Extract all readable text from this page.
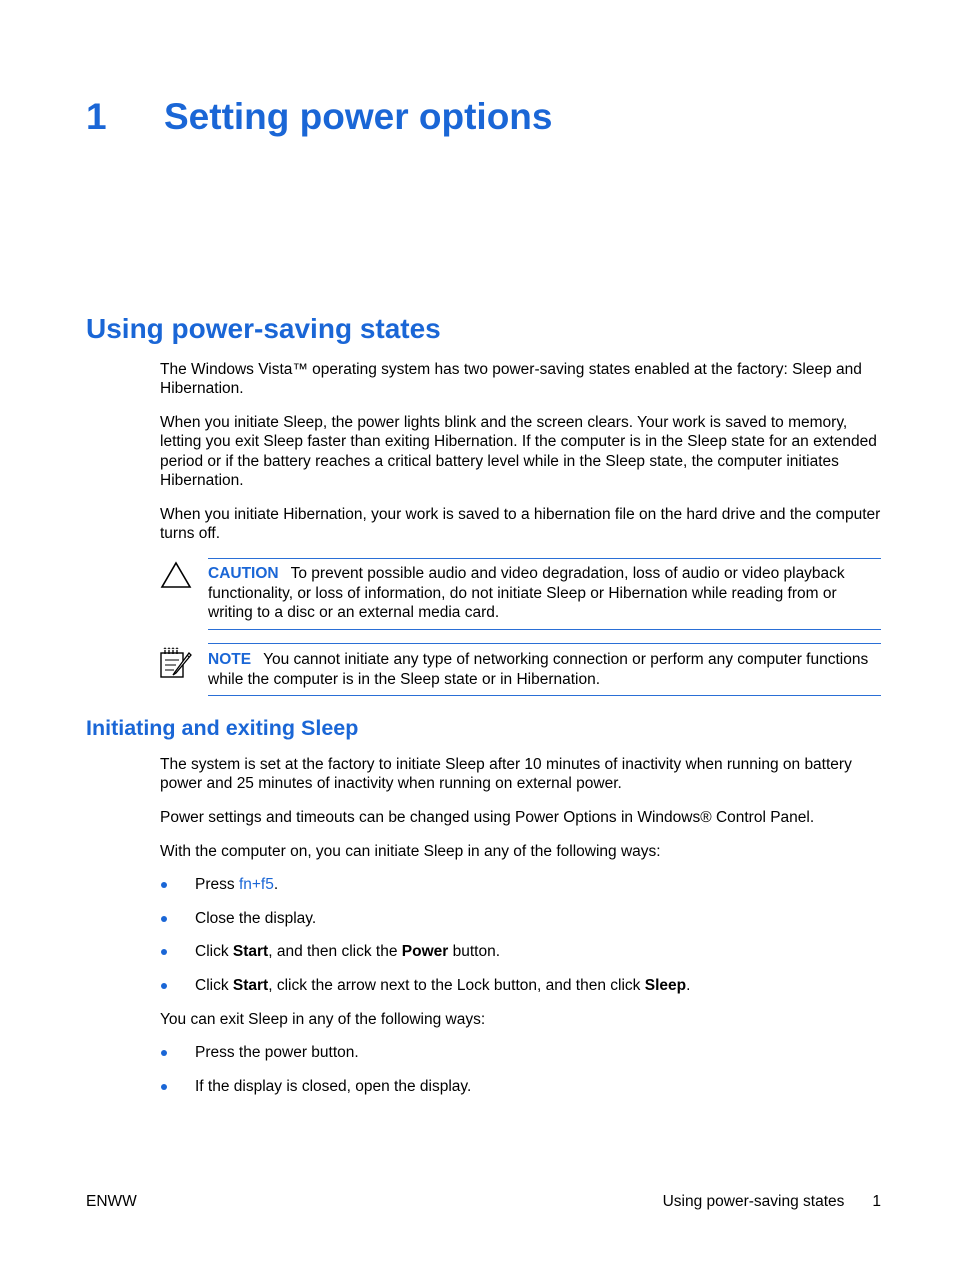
1	Setting power options
Using power-saving states
The Windows Vista™ operating system has two power-saving states enabled at the factory: Sleep and Hibernation.
When you initiate Sleep, the power lights blink and the screen clears. Your work is saved to memory, letting you exit Sleep faster than exiting Hibernation. If the computer is in the Sleep state for an extended period or if the battery reaches a critical battery level while in the Sleep state, the computer initiates Hibernation.
When you initiate Hibernation, your work is saved to a hibernation file on the hard drive and the computer turns off.
CAUTION To prevent possible audio and video degradation, loss of audio or video playback functionality, or loss of information, do not initiate Sleep or Hibernation while reading from or writing to a disc or an external media card.
NOTE You cannot initiate any type of networking connection or perform any computer functions while the computer is in the Sleep state or in Hibernation.
Initiating and exiting Sleep
The system is set at the factory to initiate Sleep after 10 minutes of inactivity when running on battery power and 25 minutes of inactivity when running on external power.
Power settings and timeouts can be changed using Power Options in Windows® Control Panel.
With the computer on, you can initiate Sleep in any of the following ways:
Press fn+f5.
Close the display.
Click Start, and then click the Power button.
Click Start, click the arrow next to the Lock button, and then click Sleep.
You can exit Sleep in any of the following ways:
Press the power button.
If the display is closed, open the display.
ENWW	Using power-saving states 1
